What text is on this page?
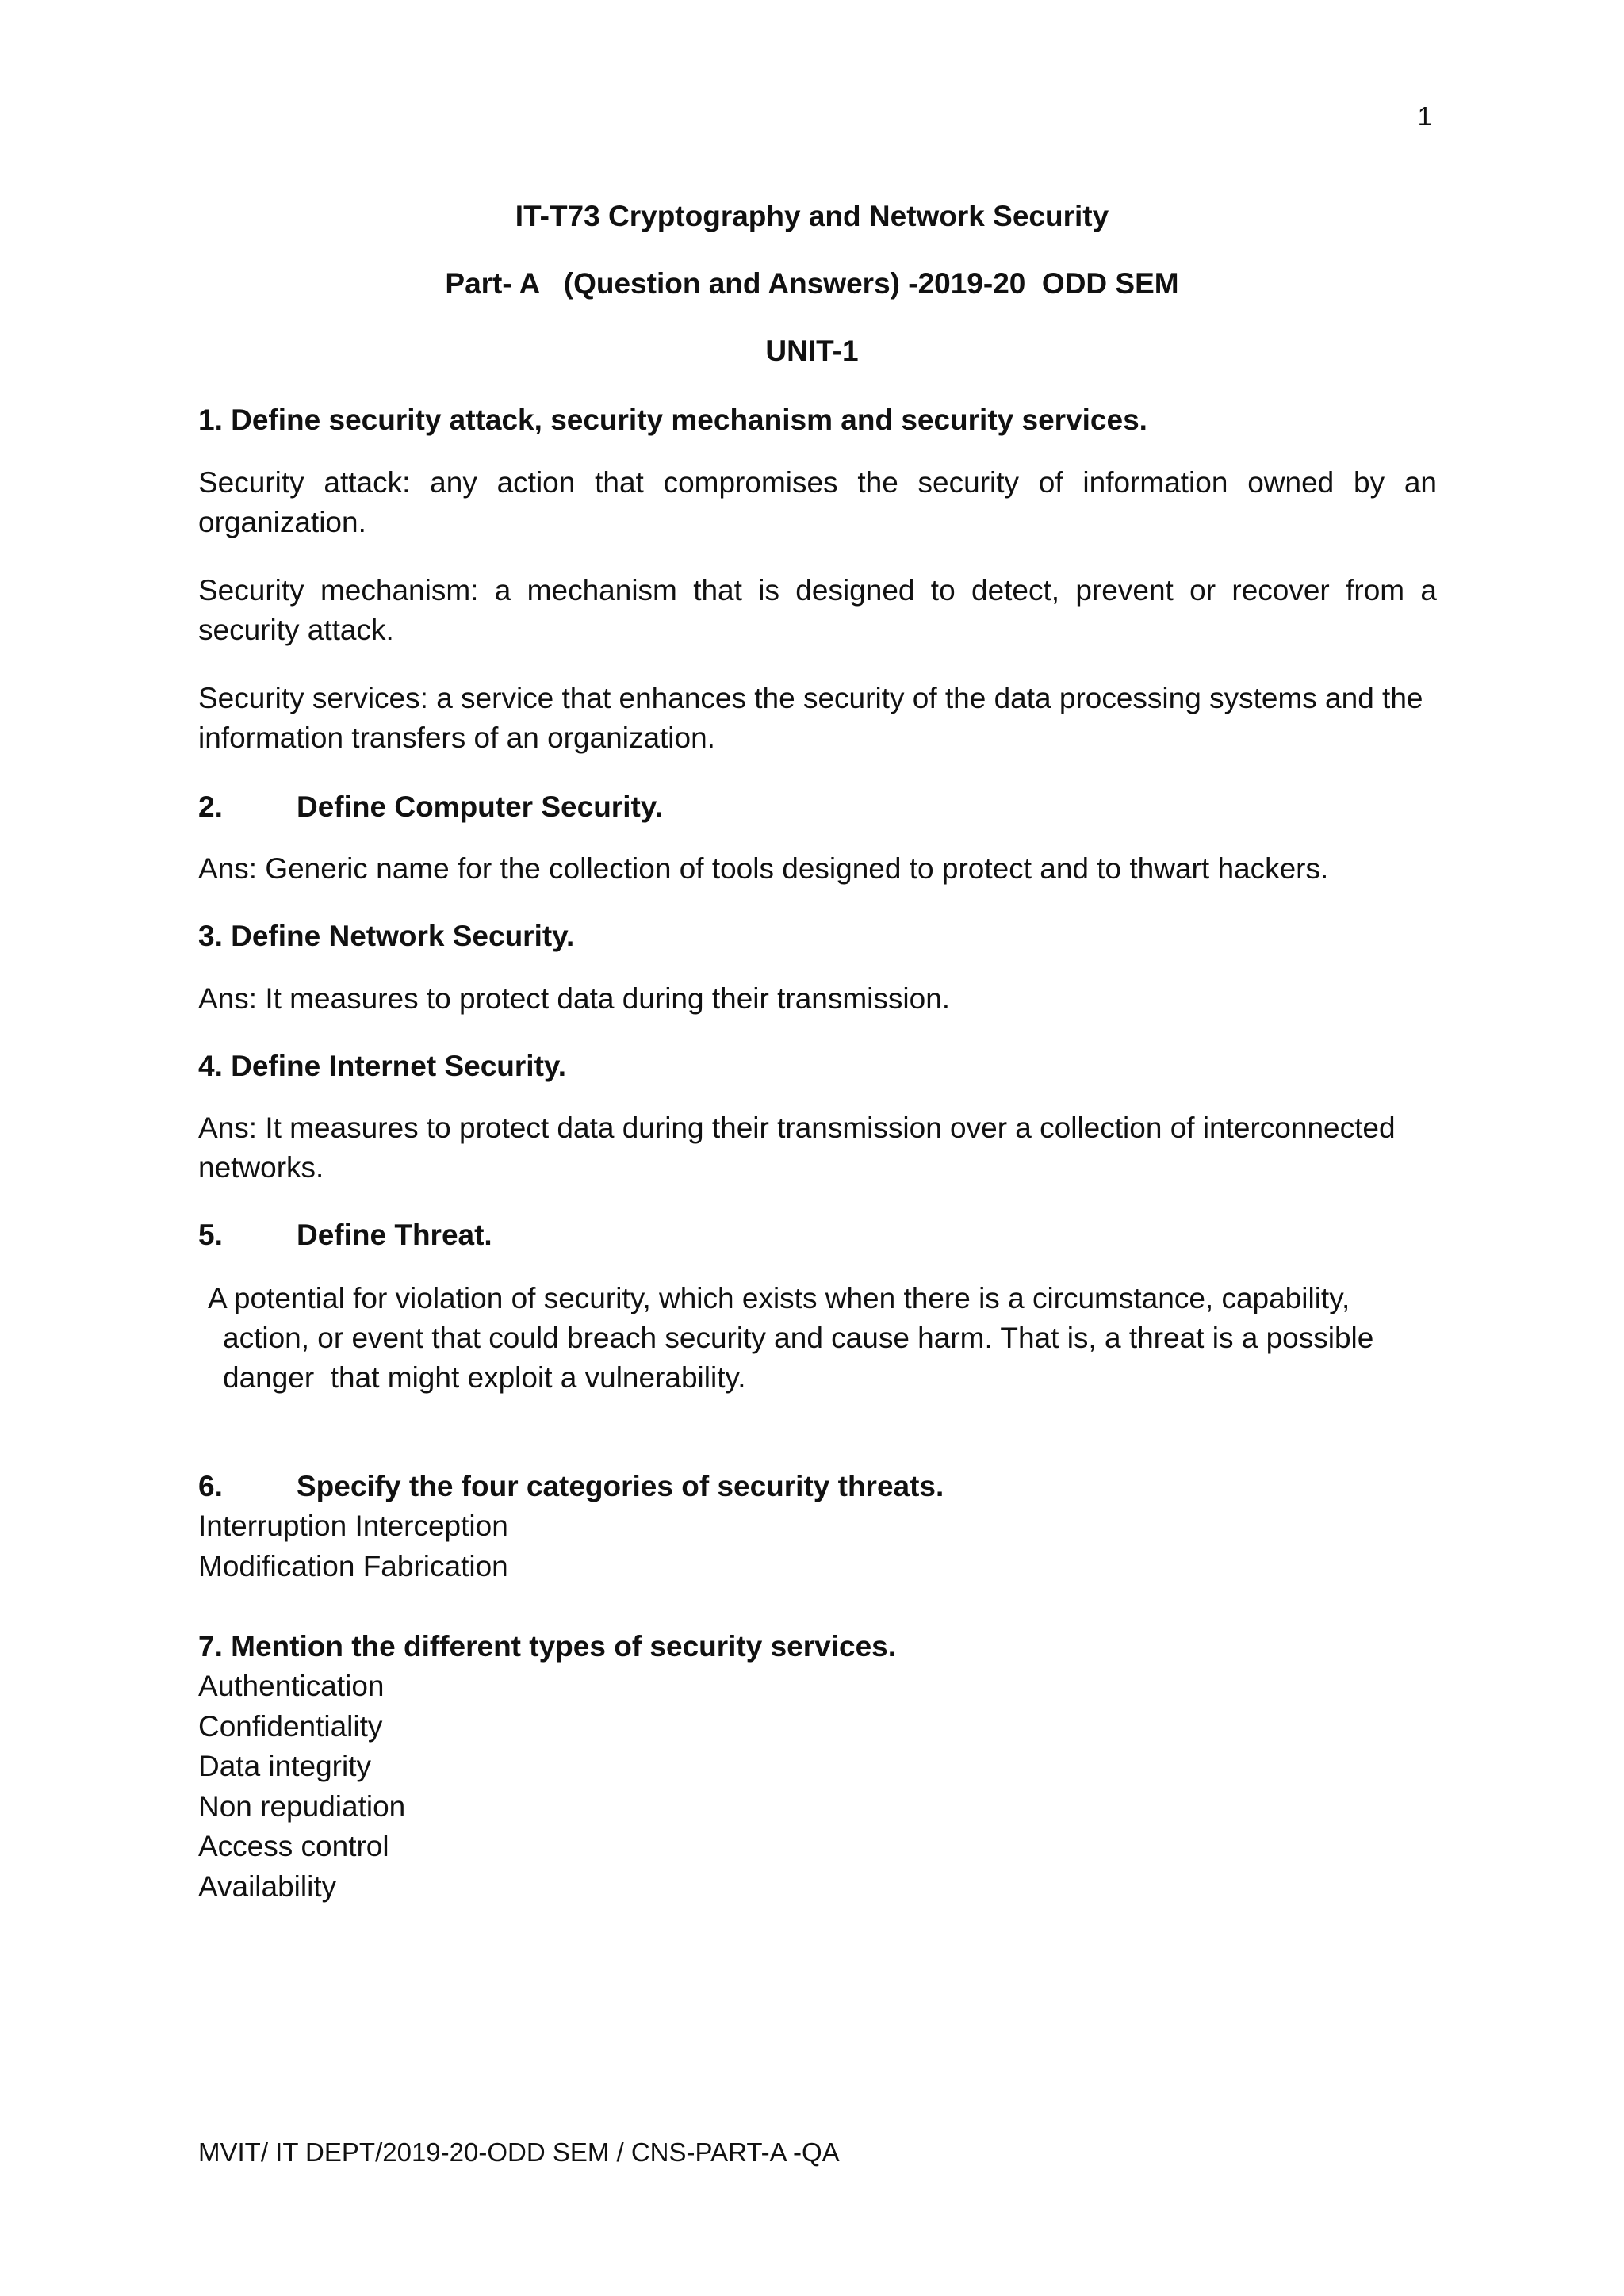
1
IT-T73 Cryptography and Network Security
Part- A   (Question and Answers) -2019-20  ODD SEM
UNIT-1
1. Define security attack, security mechanism and security services.
Security attack: any action that compromises the security of information owned by an organization.
Security mechanism: a mechanism that is designed to detect, prevent or recover from a security attack.
Security services: a service that enhances the security of the data processing systems and the information transfers of an organization.
2.	Define Computer Security.
Ans: Generic name for the collection of tools designed to protect and to thwart hackers.
3. Define Network Security.
Ans: It measures to protect data during their transmission.
4. Define Internet Security.
Ans: It measures to protect data during their transmission over a collection of interconnected networks.
5.	Define Threat.
A potential for violation of security, which exists when there is a circumstance, capability,
action, or event that could breach security and cause harm. That is, a threat is a possible
danger  that might exploit a vulnerability.
6.	Specify the four categories of security threats.
Interruption Interception
Modification Fabrication
7. Mention the different types of security services.
Authentication
Confidentiality
Data integrity
Non repudiation
Access control
Availability
MVIT/ IT DEPT/2019-20-ODD SEM / CNS-PART-A -QA
